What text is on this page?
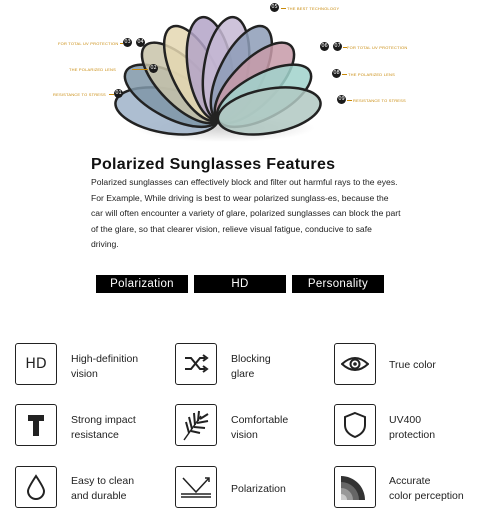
05	THE BEST TECHNOLOGY
FOR TOTAL UV PROTECTION 03 04
THE POLARIZED LENS	02
RESISTANCE TO STRESS 01
06 07	FOR TOTAL UV PROTECTION
08	THE POLARIZED LENS
09	RESISTANCE TO STRESS
Polarized Sunglasses Features
Polarized sunglasses can effectively block and filter out harmful rays to the eyes. For Example, While driving is best to wear polarized sunglass-es, because the car will often encounter a variety of glare, polarized sunglasses can block the part of the glare, so that clearer vision, relieve visual fatigue, conducive to safe driving.
Polarization	HD	Personality
HD High-definition
vision
Blocking
glare
True color
Strong impact
resistance
Comfortable
vision
UV400
protection
Easy to clean
and durable
Polarization
Accurate
color perception
